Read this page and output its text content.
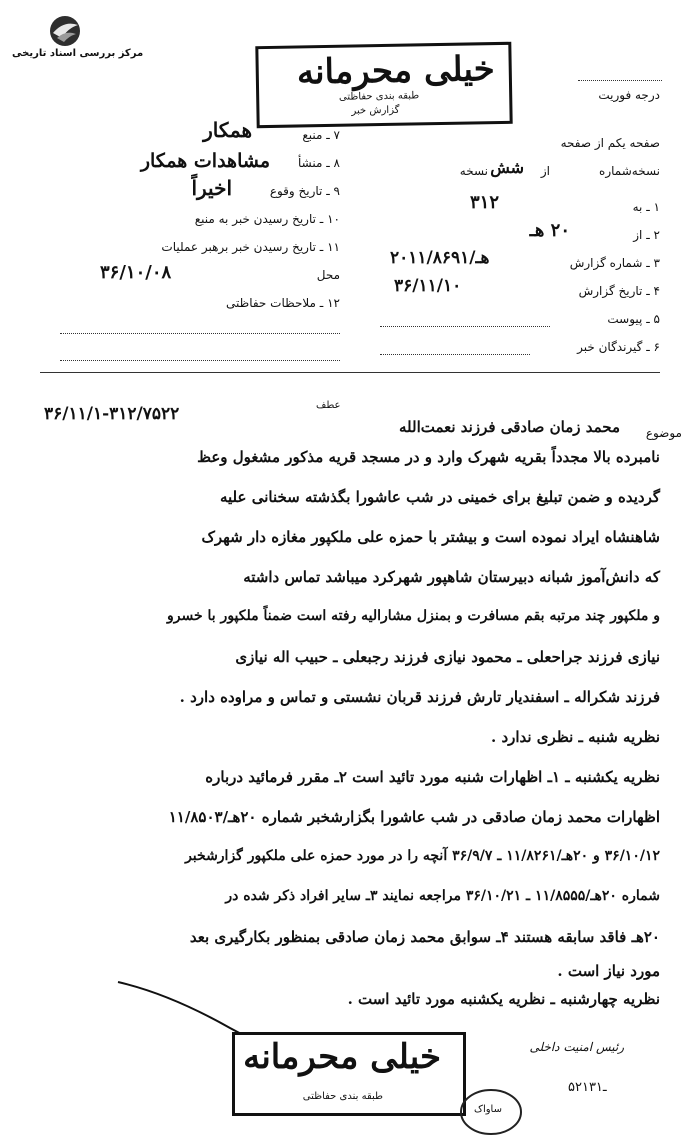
مرکز بررسی اسناد تاریخی	خیلی محرمانه
طبقه بندی حفاظتی
گزارش خبر
درجه فوریت
۷ ـ منبع
همکار
۸ ـ منشأ
مشاهدات همکار
۹ ـ تاریخ وقوع
اخیراً
۱۰ ـ تاریخ رسیدن خبر به منبع
۱۱ ـ تاریخ رسیدن خبر برهبر عملیات
محل
۳۶/۱۰/۰۸
۱۲ ـ ملاحظات حفاظتی
صفحه یکم از صفحه
نسخه‌شماره
از
شش
نسخه
۱ ـ به
۳۱۲
۲ ـ از
۲۰ هـ
۳ ـ شماره گزارش
۲۰هـ/۱۱/۸۶۹۱
۴ ـ تاریخ گزارش
۳۶/۱۱/۱۰
۵ ـ پیوست
۶ ـ گیرندگان خبر
موضوع
محمد زمان صادقی فرزند نعمت‌الله
عطف
۳۶/۱۱/۱-۳۱۲/۷۵۲۲
نامبرده بالا مجدداً بقریه شهرک وارد و در مسجد قریه مذکور مشغول وعظ
گردیده و ضمن تبلیغ برای خمینی در شب عاشورا بگذشته سخنانی علیه
شاهنشاه ایراد نموده است و بیشتر با حمزه علی ملکپور مغازه دار شهرک
که دانش‌آموز شبانه دبیرستان شاهپور شهرکرد میباشد تماس داشته
و ملکپور چند مرتبه بقم مسافرت و بمنزل مشارالیه رفته است ضمناً ملکپور با خسرو
نیازی فرزند جراحعلی ـ محمود نیازی فرزند رجبعلی ـ حبیب اله نیازی
فرزند شکراله ـ اسفندیار تارش فرزند قربان نشستی و تماس و مراوده دارد .
نظریه شنبه ـ نظری ندارد .
نظریه یکشنبه ـ ۱ـ اظهارات شنبه مورد تائید است ۲ـ مقرر فرمائید درباره
اظهارات محمد زمان صادقی در شب عاشورا بگزارشخبر شماره ۲۰هـ/۱۱/۸۵۰۳
۳۶/۱۰/۱۲ و ۲۰هـ/۱۱/۸۲۶۱ ـ ۳۶/۹/۷ آنچه را در مورد حمزه علی ملکپور گزارشخبر
شماره ۲۰هـ/۱۱/۸۵۵۵ ـ ۳۶/۱۰/۲۱ مراجعه نمایند ۳ـ سایر افراد ذکر شده در
۲۰هـ فاقد سابقه هستند ۴ـ سوابق محمد زمان صادقی بمنظور بکارگیری بعد
مورد نیاز است .
نظریه چهارشنبه ـ نظریه یکشنبه مورد تائید است .
خیلی محرمانه
طبقه بندی حفاظتی
رئیس امنیت داخلی
۵۲ـ۱۳۱
ساواک
